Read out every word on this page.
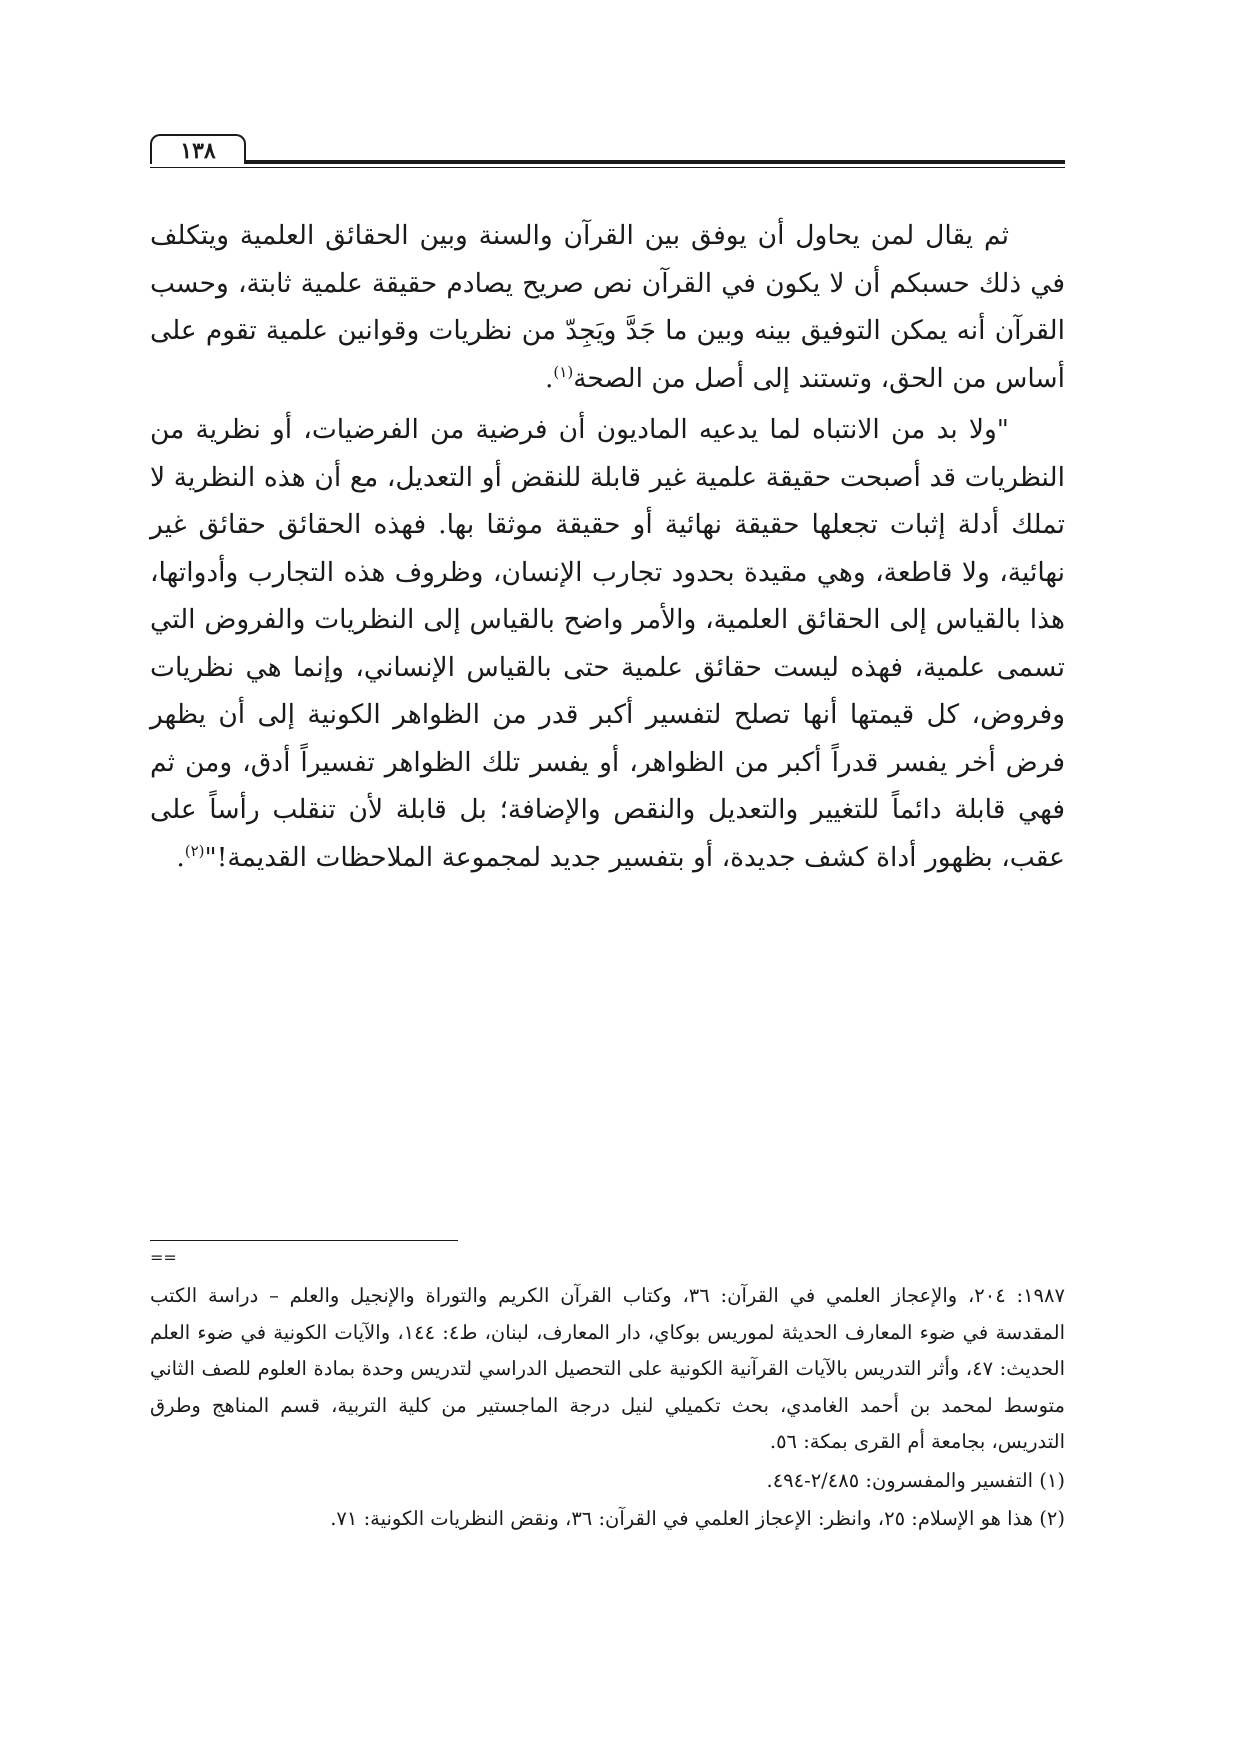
١٣٨

ثم يقال لمن يحاول أن يوفق بين القرآن والسنة وبين الحقائق العلمية ويتكلف في ذلك حسبكم أن لا يكون في القرآن نص صريح يصادم حقيقة علمية ثابتة، وحسب القرآن أنه يمكن التوفيق بينه وبين ما جَدَّ ويَجِدّ من نظريات وقوانين علمية تقوم على أساس من الحق، وتستند إلى أصل من الصحة$^{(١)}$.

"ولا بد من الانتباه لما يدعيه الماديون أن فرضية من الفرضيات، أو نظرية من النظريات قد أصبحت حقيقة علمية غير قابلة للنقض أو التعديل، مع أن هذه النظرية لا تملك أدلة إثبات تجعلها حقيقة نهائية أو حقيقة موثقا بها. فهذه الحقائق حقائق غير نهائية، ولا قاطعة، وهي مقيدة بحدود تجارب الإنسان، وظروف هذه التجارب وأدواتها، هذا بالقياس إلى الحقائق العلمية، والأمر واضح بالقياس إلى النظريات والفروض التي تسمى علمية، فهذه ليست حقائق علمية حتى بالقياس الإنساني، وإنما هي نظريات وفروض، كل قيمتها أنها تصلح لتفسير أكبر قدر من الظواهر الكونية إلى أن يظهر فرض أخر يفسر قدراً أكبر من الظواهر، أو يفسر تلك الظواهر تفسيراً أدق، ومن ثم فهي قابلة دائماً للتغيير والتعديل والنقص والإضافة؛ بل قابلة لأن تنقلب رأساً على عقب، بظهور أداة كشف جديدة، أو بتفسير جديد لمجموعة الملاحظات القديمة!"$^{(٢)}$.

==

١٩٨٧: ٢٠٤، والإعجاز العلمي في القرآن: ٣٦، وكتاب القرآن الكريم والتوراة والإنجيل والعلم – دراسة الكتب المقدسة في ضوء المعارف الحديثة لموريس بوكاي، دار المعارف، لبنان، ط٤: ١٤٤، والآيات الكونية في ضوء العلم الحديث: ٤٧، وأثر التدريس بالآيات القرآنية الكونية على التحصيل الدراسي لتدريس وحدة بمادة العلوم للصف الثاني متوسط لمحمد بن أحمد الغامدي، بحث تكميلي لنيل درجة الماجستير من كلية التربية، قسم المناهج وطرق التدريس، بجامعة أم القرى بمكة: ٥٦.

(١) التفسير والمفسرون: ٢/٤٨٥-٤٩٤.

(٢) هذا هو الإسلام: ٢٥، وانظر: الإعجاز العلمي في القرآن: ٣٦، ونقض النظريات الكونية: ٧١.
